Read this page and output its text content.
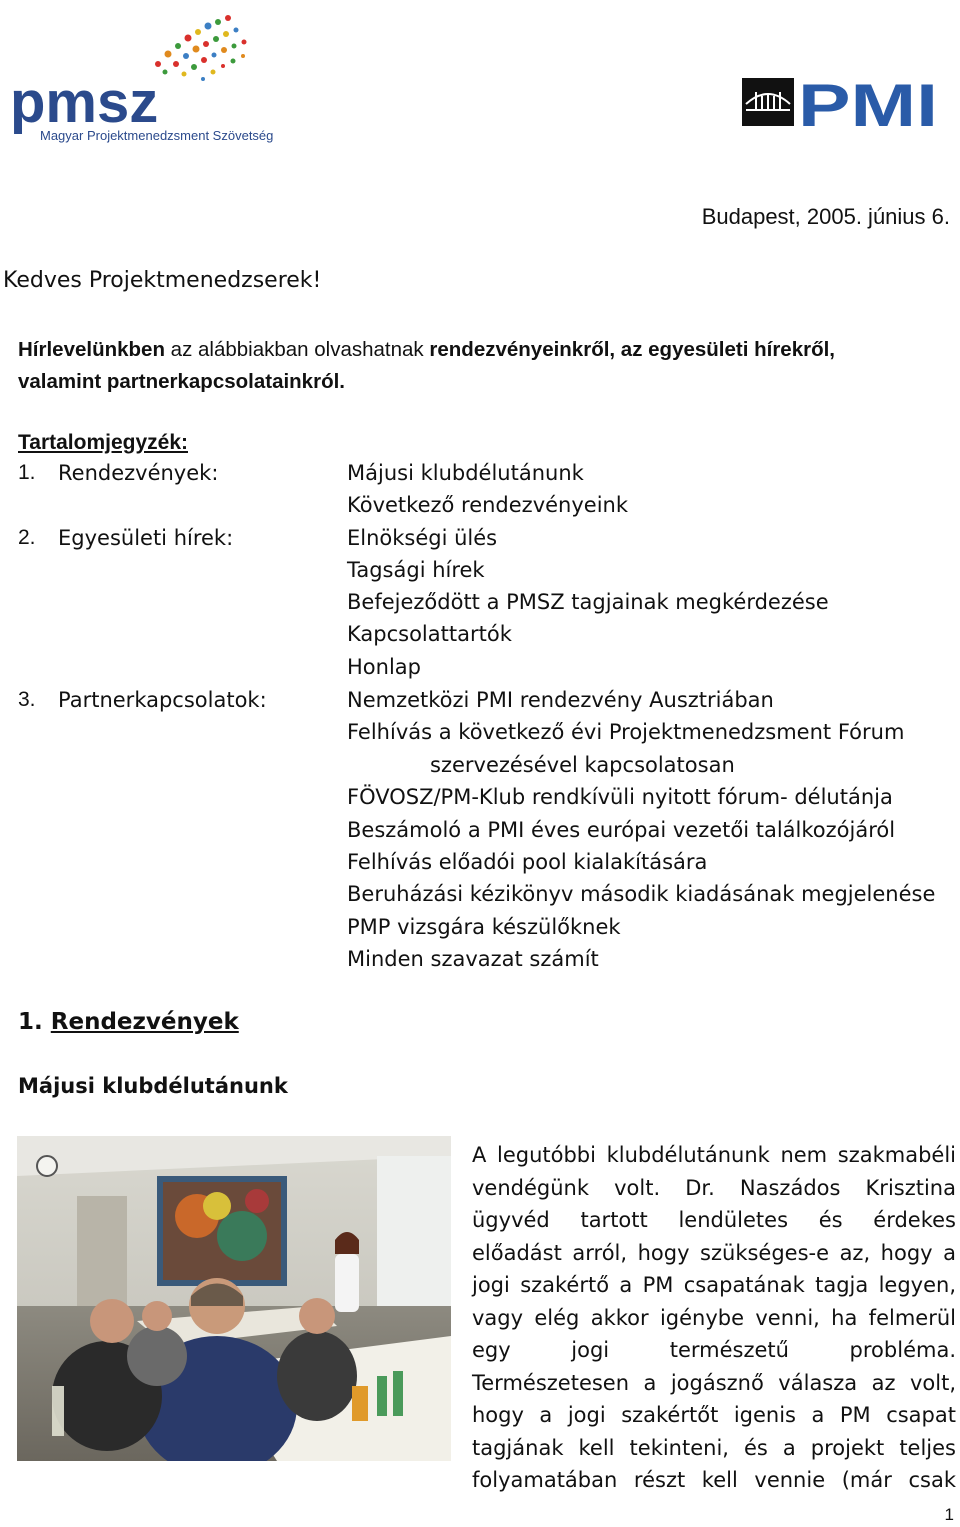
pmsz
Magyar Projektmenedzsment Szövetség	PMI
Budapest, 2005. június 6.
Kedves Projektmenedzserek!
Hírlevelünkben az alábbiakban olvashatnak rendezvényeinkről, az egyesületi hírekről,
valamint partnerkapcsolatainkról.
Tartalomjegyzék:
1. Rendezvények:	Májusi klubdélutánunk
Következő rendezvényeink
2. Egyesületi hírek:	Elnökségi ülés
Tagsági hírek
Befejeződött a PMSZ tagjainak megkérdezése
Kapcsolattartók
Honlap
3. Partnerkapcsolatok:	Nemzetközi PMI rendezvény Ausztriában
Felhívás a következő évi Projektmenedzsment Fórum
szervezésével kapcsolatosan
FÖVOSZ/PM-Klub rendkívüli nyitott fórum- délutánja
Beszámoló a PMI éves európai vezetői találkozójáról
Felhívás előadói pool kialakítására
Beruházási kézikönyv második kiadásának megjelenése
PMP vizsgára készülőknek
Minden szavazat számít
1. Rendezvények
Májusi klubdélutánunk
A legutóbbi klubdélutánunk nem szakmabéli
vendégünk volt. Dr. Naszádos Krisztina
ügyvéd tartott lendületes és érdekes
előadást arról, hogy szükséges-e az, hogy a
jogi szakértő a PM csapatának tagja legyen,
vagy elég akkor igénybe venni, ha felmerül
egy jogi természetű probléma.
Természetesen a jogásznő válasza az volt,
hogy a jogi szakértőt igenis a PM csapat
tagjának kell tekinteni, és a projekt teljes
folyamatában részt kell vennie (már csak
1
